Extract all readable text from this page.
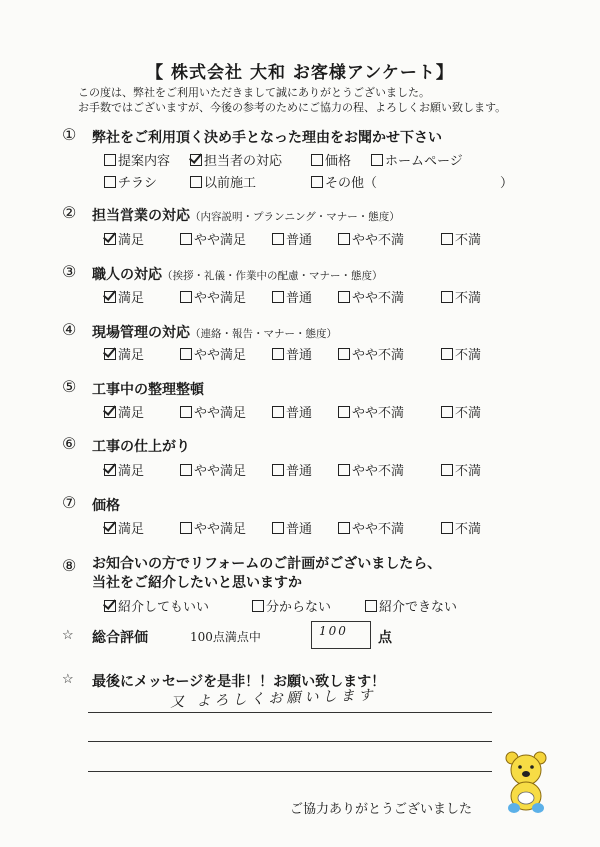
【 株式会社 大和 お客様アンケート】
この度は、弊社をご利用いただきまして誠にありがとうございました。
お手数ではございますが、今後の参考のためにご協力の程、よろしくお願い致します。
① 弊社をご利用頂く決め手となった理由をお聞かせ下さい
提案内容	担当者の対応	価格	ホームページ
チラシ	以前施工	その他（	）
② 担当営業の対応（内容説明・プランニング・マナー・態度）
満足	やや満足	普通	やや不満	不満
③ 職人の対応（挨拶・礼儀・作業中の配慮・マナー・態度）
満足	やや満足	普通	やや不満	不満
④ 現場管理の対応（連絡・報告・マナー・態度）
満足	やや満足	普通	やや不満	不満
⑤ 工事中の整理整頓
満足	やや満足	普通	やや不満	不満
⑥ 工事の仕上がり
満足	やや満足	普通	やや不満	不満
⑦ 価格
満足	やや満足	普通	やや不満	不満
⑧ お知合いの方でリフォームのご計画がございましたら、
当社をご紹介したいと思いますか
紹介してもいい	分からない	紹介できない
☆ 総合評価	100点満点中	100 点
☆ 最後にメッセージを是非！！お願い致します！
又 よろしくお願いします
ご協力ありがとうございました
